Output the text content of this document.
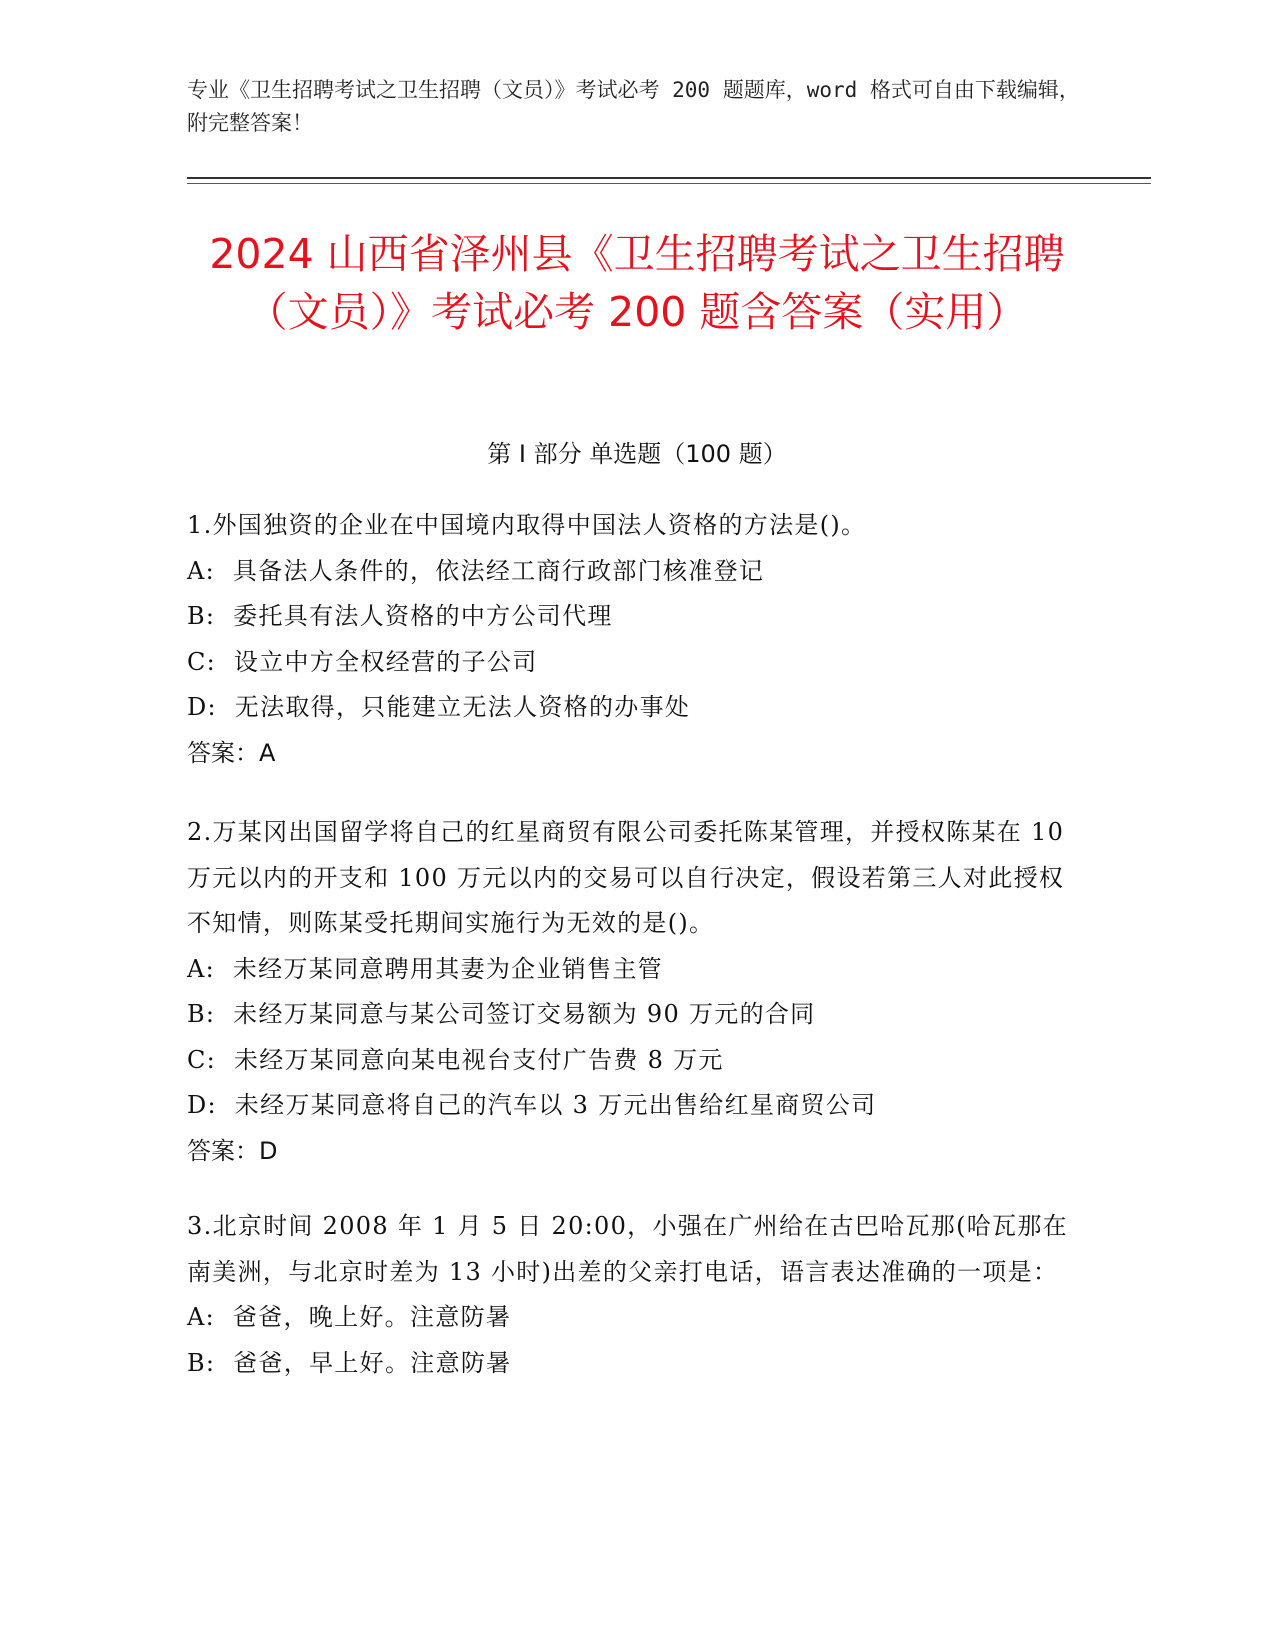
专业《卫生招聘考试之卫生招聘（文员）》考试必考 200 题题库，word 格式可自由下载编辑，附完整答案！
2024 山西省泽州县《卫生招聘考试之卫生招聘（文员）》考试必考 200 题含答案（实用）
第 I 部分 单选题（100 题）
1.外国独资的企业在中国境内取得中国法人资格的方法是()。
A:  具备法人条件的，依法经工商行政部门核准登记
B:  委托具有法人资格的中方公司代理
C:  设立中方全权经营的子公司
D:  无法取得，只能建立无法人资格的办事处
答案：A
2.万某冈出国留学将自己的红星商贸有限公司委托陈某管理，并授权陈某在 10 万元以内的开支和 100 万元以内的交易可以自行决定，假设若第三人对此授权不知情，则陈某受托期间实施行为无效的是()。
A:  未经万某同意聘用其妻为企业销售主管
B:  未经万某同意与某公司签订交易额为 90 万元的合同
C:  未经万某同意向某电视台支付广告费 8 万元
D:  未经万某同意将自己的汽车以 3 万元出售给红星商贸公司
答案：D
3.北京时间 2008 年 1 月 5 日 20:00，小强在广州给在古巴哈瓦那(哈瓦那在南美洲，与北京时差为 13 小时)出差的父亲打电话，语言表达准确的一项是：
A:  爸爸，晚上好。注意防暑
B:  爸爸，早上好。注意防暑
